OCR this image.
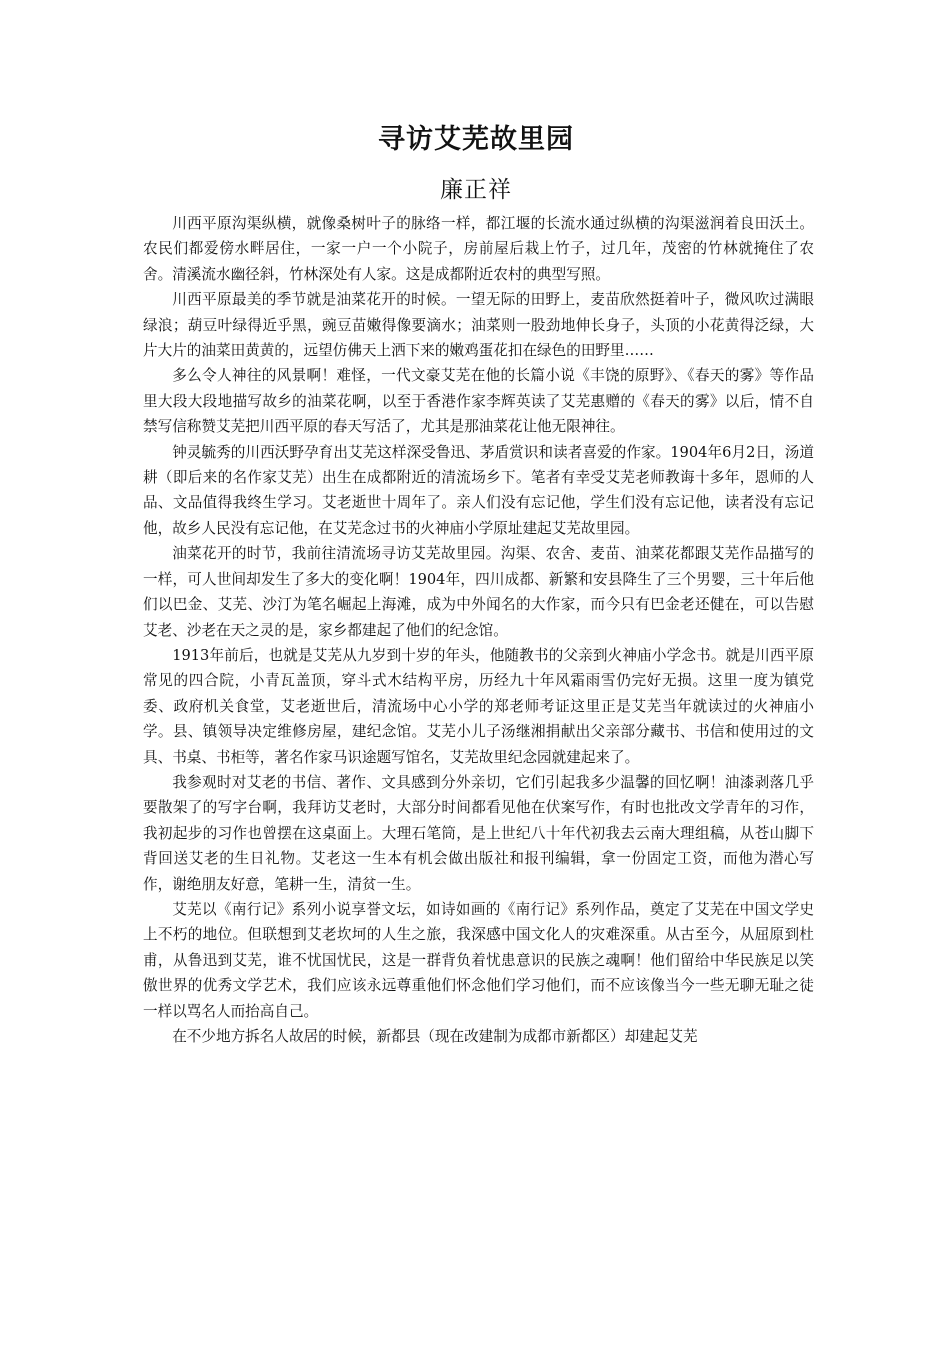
寻访艾芜故里园
廉正祥

川西平原沟渠纵横，就像桑树叶子的脉络一样，都江堰的长流水通过纵横的沟渠滋润着良田沃土。农民们都爱傍水畔居住，一家一户一个小院子，房前屋后栽上竹子，过几年，茂密的竹林就掩住了农舍。清溪流水幽径斜，竹林深处有人家。这是成都附近农村的典型写照。

川西平原最美的季节就是油菜花开的时候。一望无际的田野上，麦苗欣然挺着叶子，微风吹过满眼绿浪；葫豆叶绿得近乎黑，豌豆苗嫩得像要滴水；油菜则一股劲地伸长身子，头顶的小花黄得泛绿，大片大片的油菜田黄黄的，远望仿佛天上洒下来的嫩鸡蛋花扣在绿色的田野里……

多么令人神往的风景啊！难怪，一代文豪艾芜在他的长篇小说《丰饶的原野》、《春天的雾》等作品里大段大段地描写故乡的油菜花啊，以至于香港作家李辉英读了艾芜惠赠的《春天的雾》以后，情不自禁写信称赞艾芜把川西平原的春天写活了，尤其是那油菜花让他无限神往。

钟灵毓秀的川西沃野孕育出艾芜这样深受鲁迅、茅盾赏识和读者喜爱的作家。1904年6月2日，汤道耕（即后来的名作家艾芜）出生在成都附近的清流场乡下。笔者有幸受艾芜老师教诲十多年，恩师的人品、文品值得我终生学习。艾老逝世十周年了。亲人们没有忘记他，学生们没有忘记他，读者没有忘记他，故乡人民没有忘记他，在艾芜念过书的火神庙小学原址建起艾芜故里园。

油菜花开的时节，我前往清流场寻访艾芜故里园。沟渠、农舍、麦苗、油菜花都跟艾芜作品描写的一样，可人世间却发生了多大的变化啊！1904年，四川成都、新繁和安县降生了三个男婴，三十年后他们以巴金、艾芜、沙汀为笔名崛起上海滩，成为中外闻名的大作家，而今只有巴金老还健在，可以告慰艾老、沙老在天之灵的是，家乡都建起了他们的纪念馆。

1913年前后，也就是艾芜从九岁到十岁的年头，他随教书的父亲到火神庙小学念书。就是川西平原常见的四合院，小青瓦盖顶，穿斗式木结构平房，历经九十年风霜雨雪仍完好无损。这里一度为镇党委、政府机关食堂，艾老逝世后，清流场中心小学的郑老师考证这里正是艾芜当年就读过的火神庙小学。县、镇领导决定维修房屋，建纪念馆。艾芜小儿子汤继湘捐献出父亲部分藏书、书信和使用过的文具、书桌、书柜等，著名作家马识途题写馆名，艾芜故里纪念园就建起来了。

我参观时对艾老的书信、著作、文具感到分外亲切，它们引起我多少温馨的回忆啊！油漆剥落几乎要散架了的写字台啊，我拜访艾老时，大部分时间都看见他在伏案写作，有时也批改文学青年的习作，我初起步的习作也曾摆在这桌面上。大理石笔筒，是上世纪八十年代初我去云南大理组稿，从苍山脚下背回送艾老的生日礼物。艾老这一生本有机会做出版社和报刊编辑，拿一份固定工资，而他为潜心写作，谢绝朋友好意，笔耕一生，清贫一生。

艾芜以《南行记》系列小说享誉文坛，如诗如画的《南行记》系列作品，奠定了艾芜在中国文学史上不朽的地位。但联想到艾老坎坷的人生之旅，我深感中国文化人的灾难深重。从古至今，从屈原到杜甫，从鲁迅到艾芜，谁不忧国忧民，这是一群背负着忧患意识的民族之魂啊！他们留给中华民族足以笑傲世界的优秀文学艺术，我们应该永远尊重他们怀念他们学习他们，而不应该像当今一些无聊无耻之徒一样以骂名人而抬高自己。

在不少地方拆名人故居的时候，新都县（现在改建制为成都市新都区）却建起艾芜
